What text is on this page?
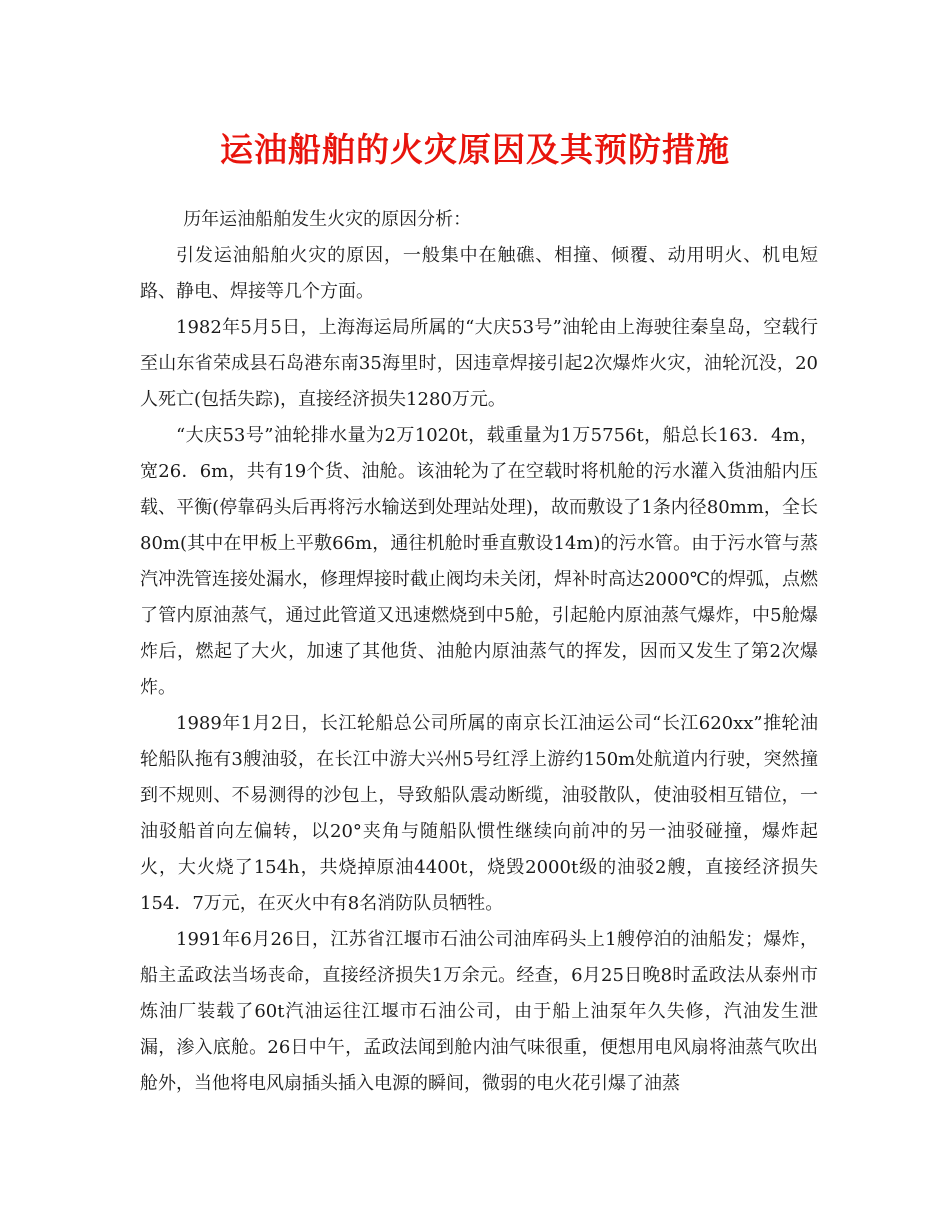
运油船舶的火灾原因及其预防措施

历年运油船舶发生火灾的原因分析：

引发运油船舶火灾的原因，一般集中在触礁、相撞、倾覆、动用明火、机电短路、静电、焊接等几个方面。

1982年5月5日，上海海运局所属的“大庆53号”油轮由上海驶往秦皇岛，空载行至山东省荣成县石岛港东南35海里时，因违章焊接引起2次爆炸火灾，油轮沉没，20人死亡(包括失踪)，直接经济损失1280万元。

“大庆53号”油轮排水量为2万1020t，载重量为1万5756t，船总长163．4m，宽26．6m，共有19个货、油舱。该油轮为了在空载时将机舱的污水灌入货油船内压载、平衡(停靠码头后再将污水输送到处理站处理)，故而敷设了1条内径80mm，全长80m(其中在甲板上平敷66m，通往机舱时垂直敷设14m)的污水管。由于污水管与蒸汽冲洗管连接处漏水，修理焊接时截止阀均未关闭，焊补时高达2000℃的焊弧，点燃了管内原油蒸气，通过此管道又迅速燃烧到中5舱，引起舱内原油蒸气爆炸，中5舱爆炸后，燃起了大火，加速了其他货、油舱内原油蒸气的挥发，因而又发生了第2次爆炸。

1989年1月2日，长江轮船总公司所属的南京长江油运公司“长江620xx”推轮油轮船队拖有3艘油驳，在长江中游大兴州5号红浮上游约150m处航道内行驶，突然撞到不规则、不易测得的沙包上，导致船队震动断缆，油驳散队，使油驳相互错位，一油驳船首向左偏转，以20°夹角与随船队惯性继续向前冲的另一油驳碰撞，爆炸起火，大火烧了154h，共烧掉原油4400t，烧毁2000t级的油驳2艘，直接经济损失154．7万元，在灭火中有8名消防队员牺牲。

1991年6月26日，江苏省江堰市石油公司油库码头上1艘停泊的油船发；爆炸，船主孟政法当场丧命，直接经济损失1万余元。经查，6月25日晚8时孟政法从泰州市炼油厂装载了60t汽油运往江堰市石油公司，由于船上油泵年久失修，汽油发生泄漏，渗入底舱。26日中午，孟政法闻到舱内油气味很重，便想用电风扇将油蒸气吹出舱外，当他将电风扇插头插入电源的瞬间，微弱的电火花引爆了油蒸
